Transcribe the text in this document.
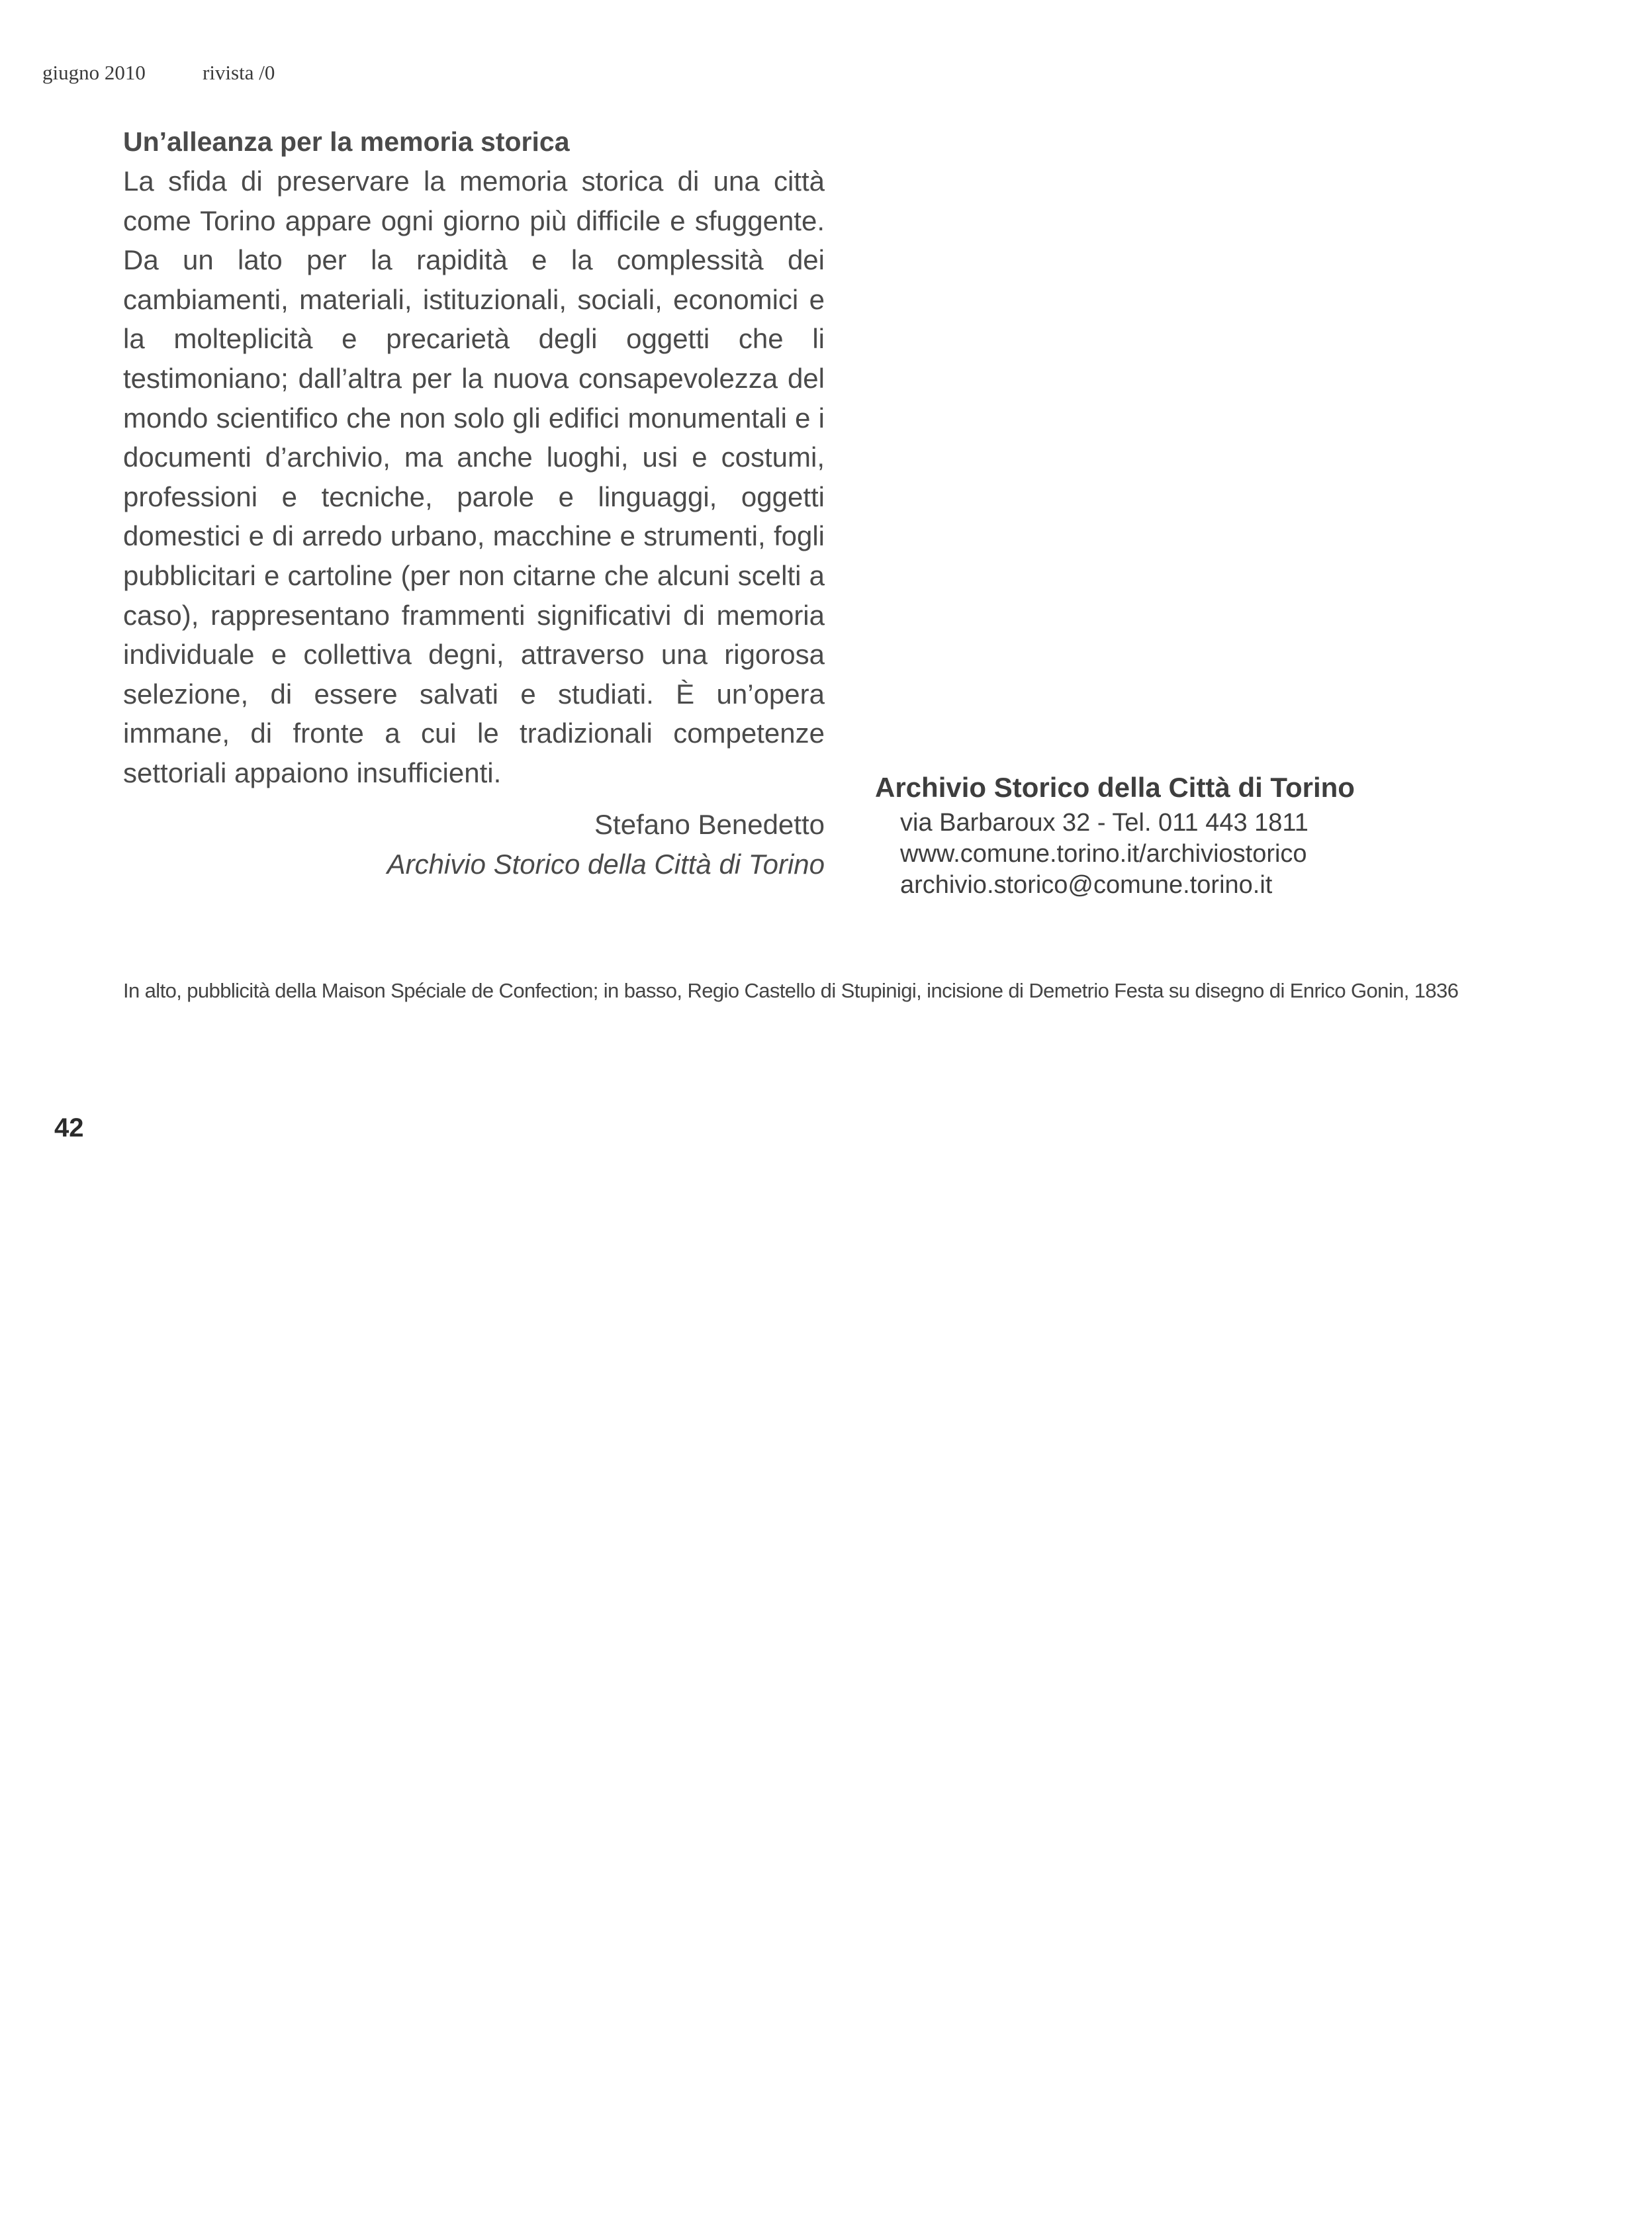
giugno 2010	rivista /0
Un’alleanza per la memoria storica

La sfida di preservare la memoria storica di una città come Torino appare ogni giorno più difficile e sfuggente. Da un lato per la rapidità e la complessità dei cambiamenti, materiali, istituzionali, sociali, economici e la molteplicità e precarietà degli oggetti che li testimoniano; dall’altra per la nuova consapevolezza del mondo scientifico che non solo gli edifici monumentali e i documenti d’archivio, ma anche luoghi, usi e costumi, professioni e tecniche, parole e linguaggi, oggetti domestici e di arredo urbano, macchine e strumenti, fogli pubblicitari e cartoline (per non citarne che alcuni scelti a caso), rappresentano frammenti significativi di memoria individuale e collettiva degni, attraverso una rigorosa selezione, di essere salvati e studiati. È un’opera immane, di fronte a cui le tradizionali competenze settoriali appaiono insufficienti.

Stefano Benedetto
Archivio Storico della Città di Torino
Archivio Storico della Città di Torino
via Barbaroux 32 - Tel. 011 443 1811
www.comune.torino.it/archiviostorico
archivio.storico@comune.torino.it
In alto, pubblicità della Maison Spéciale de Confection; in basso, Regio Castello di Stupinigi, incisione di Demetrio Festa su disegno di Enrico Gonin, 1836
42
